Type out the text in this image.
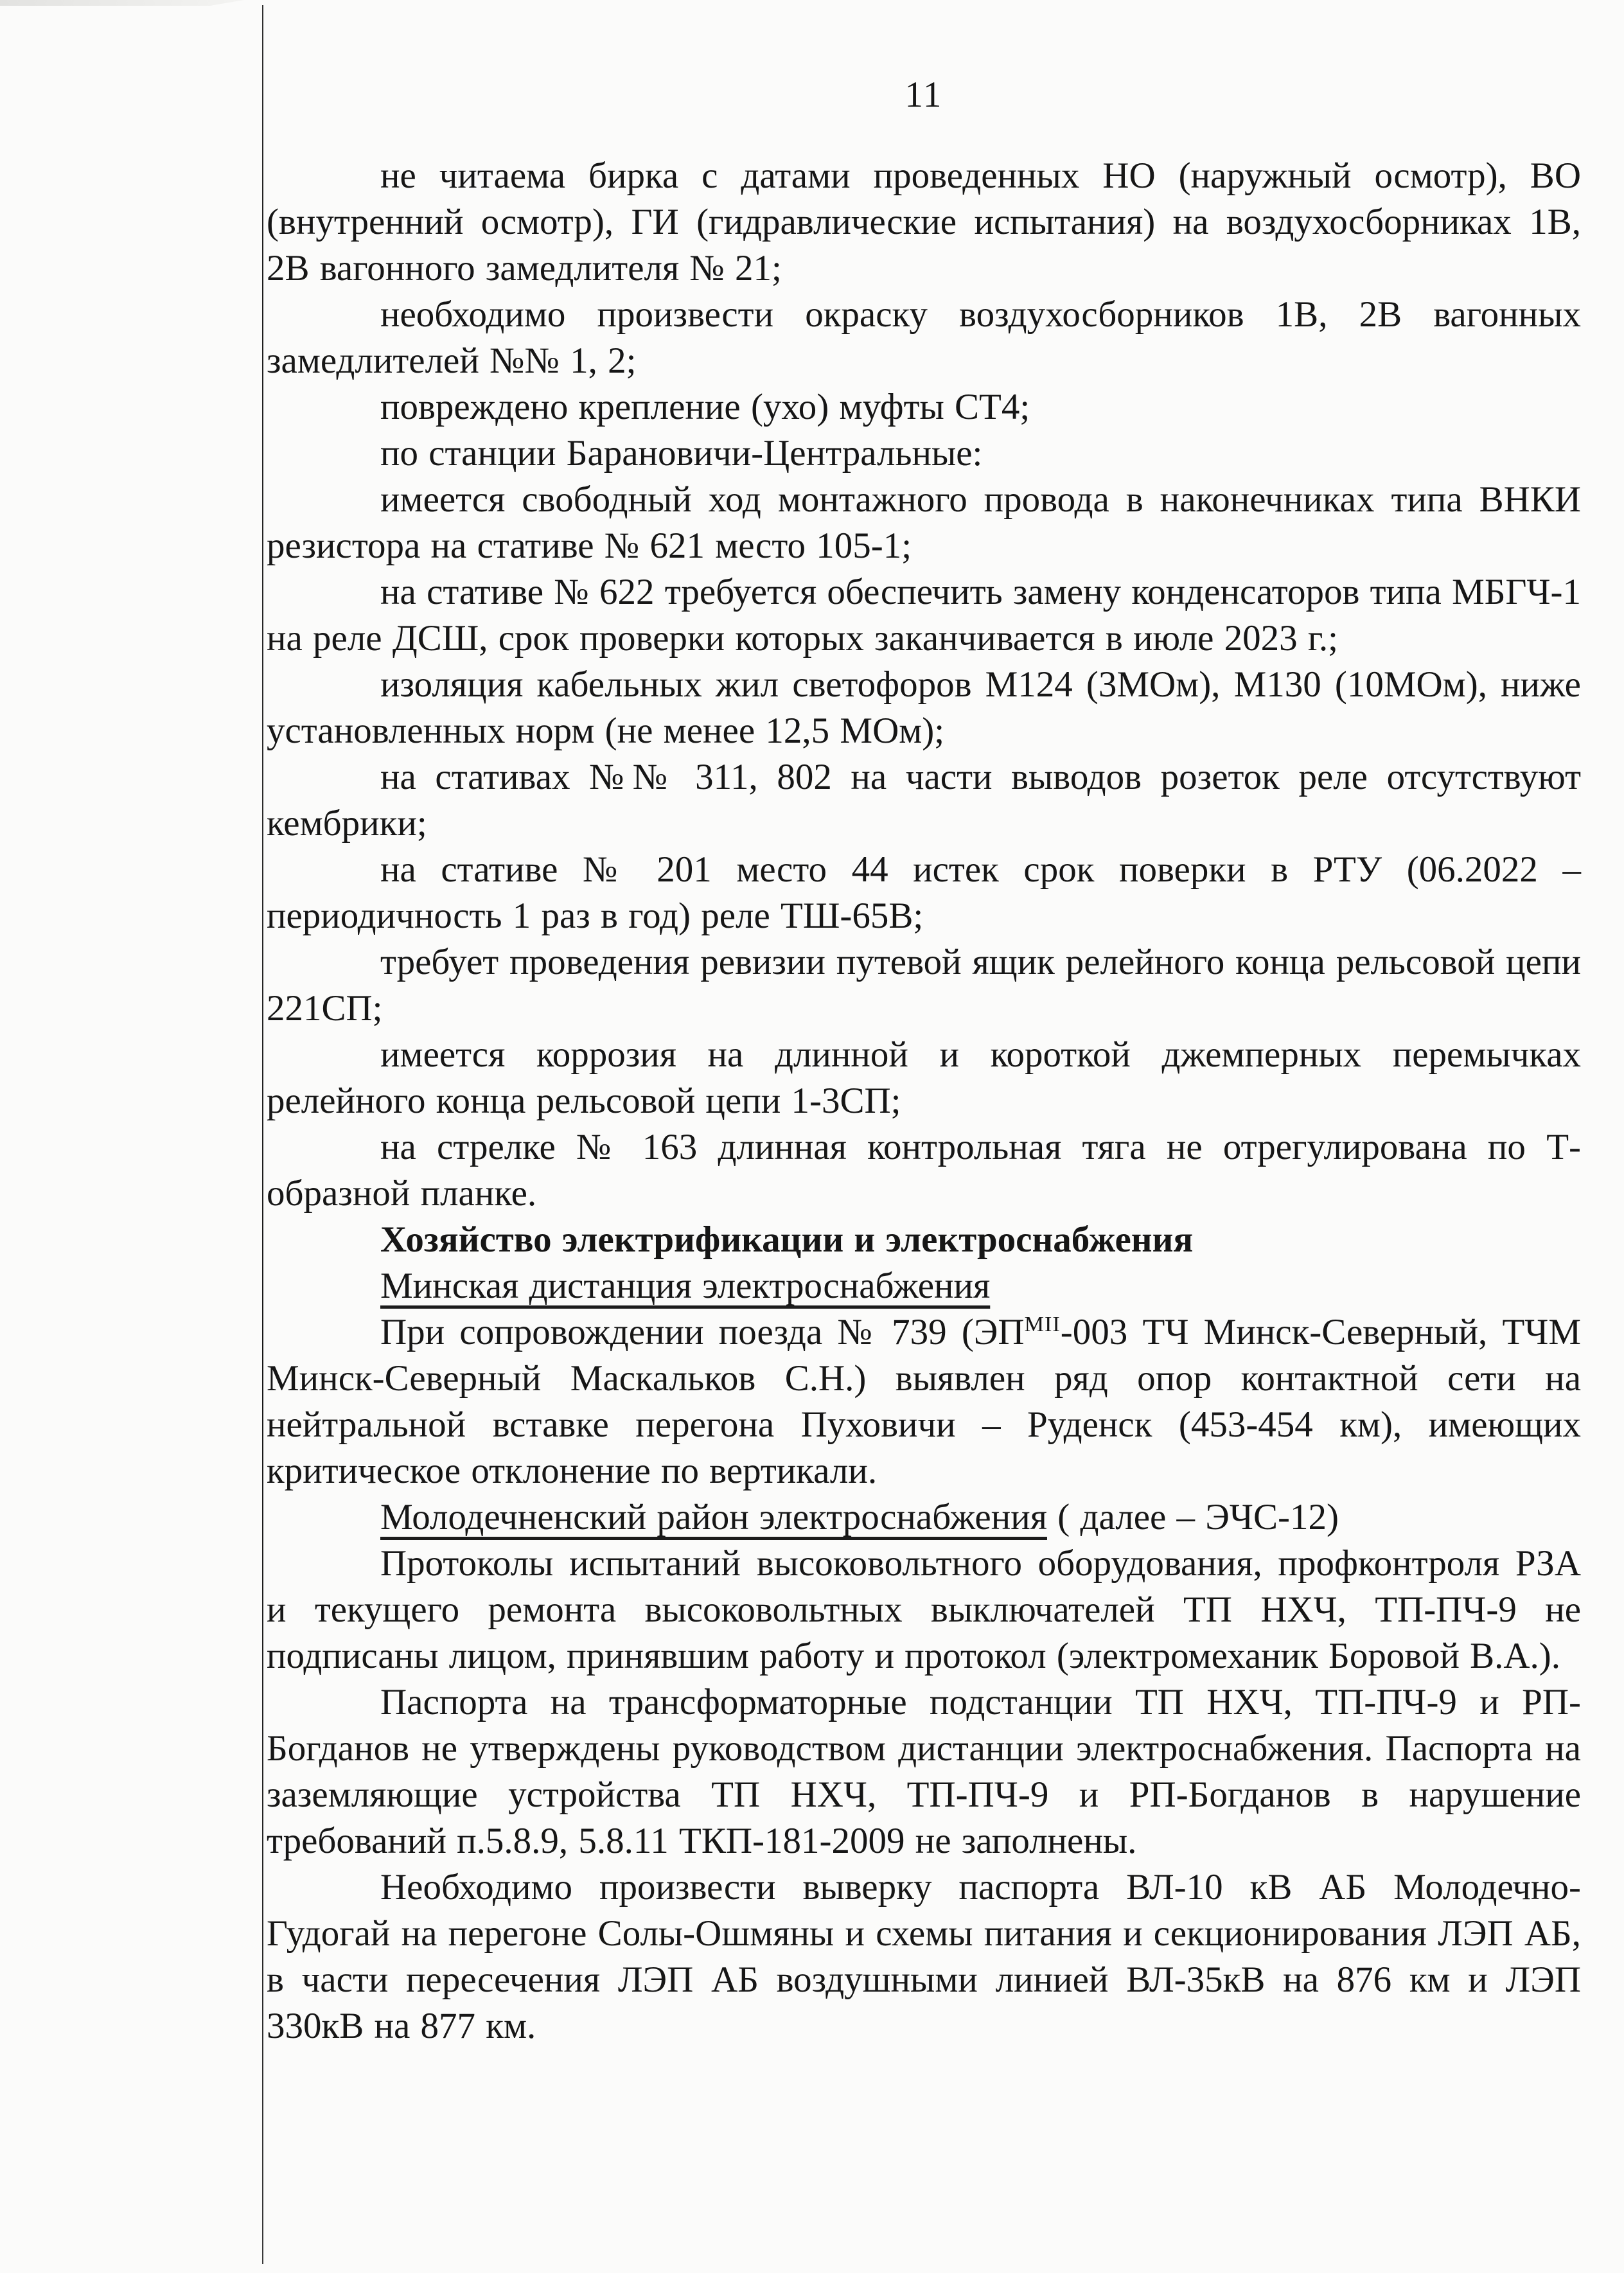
11

не читаема бирка с датами проведенных НО (наружный осмотр), ВО (внутренний осмотр), ГИ (гидравлические испытания) на воздухосборниках 1В, 2В вагонного замедлителя № 21;

необходимо произвести окраску воздухосборников 1В, 2В вагонных замедлителей №№ 1, 2;

повреждено крепление (ухо) муфты СТ4;

по станции Барановичи-Центральные:

имеется свободный ход монтажного провода в наконечниках типа ВНКИ резистора на стативе № 621 место 105-1;

на стативе № 622 требуется обеспечить замену конденсаторов типа МБГЧ-1 на реле ДСШ, срок проверки которых заканчивается в июле 2023 г.;

изоляция кабельных жил светофоров М124 (3МОм), М130 (10МОм), ниже установленных норм (не менее 12,5 МОм);

на стативах №№ 311, 802 на части выводов розеток реле отсутствуют кембрики;

на стативе № 201 место 44 истек срок поверки в РТУ (06.2022 – периодичность 1 раз в год) реле ТШ-65В;

требует проведения ревизии путевой ящик релейного конца рельсовой цепи 221СП;

имеется коррозия на длинной и короткой джемперных перемычках релейного конца рельсовой цепи 1-3СП;

на стрелке № 163 длинная контрольная тяга не отрегулирована по Т-образной планке.

Хозяйство электрификации и электроснабжения

Минская дистанция электроснабжения

При сопровождении поезда № 739 ($ЭП^{МII}-003$ ТЧ Минск-Северный, ТЧМ Минск-Северный Маскальков С.Н.) выявлен ряд опор контактной сети на нейтральной вставке перегона Пуховичи – Руденск (453-454 км), имеющих критическое отклонение по вертикали.

Молодечненский район электроснабжения ( далее – ЭЧС-12)

Протоколы испытаний высоковольтного оборудования, профконтроля РЗА и текущего ремонта высоковольтных выключателей ТП НХЧ, ТП-ПЧ-9 не подписаны лицом, принявшим работу и протокол (электромеханик Боровой В.А.).

Паспорта на трансформаторные подстанции ТП НХЧ, ТП-ПЧ-9 и РП-Богданов не утверждены руководством дистанции электроснабжения. Паспорта на заземляющие устройства ТП НХЧ, ТП-ПЧ-9 и РП-Богданов в нарушение требований п.5.8.9, 5.8.11 ТКП-181-2009 не заполнены.

Необходимо произвести выверку паспорта ВЛ-10 кВ АБ Молодечно-Гудогай на перегоне Солы-Ошмяны и схемы питания и секционирования ЛЭП АБ, в части пересечения ЛЭП АБ воздушными линией ВЛ-35кВ на 876 км и ЛЭП 330кВ на 877 км.
